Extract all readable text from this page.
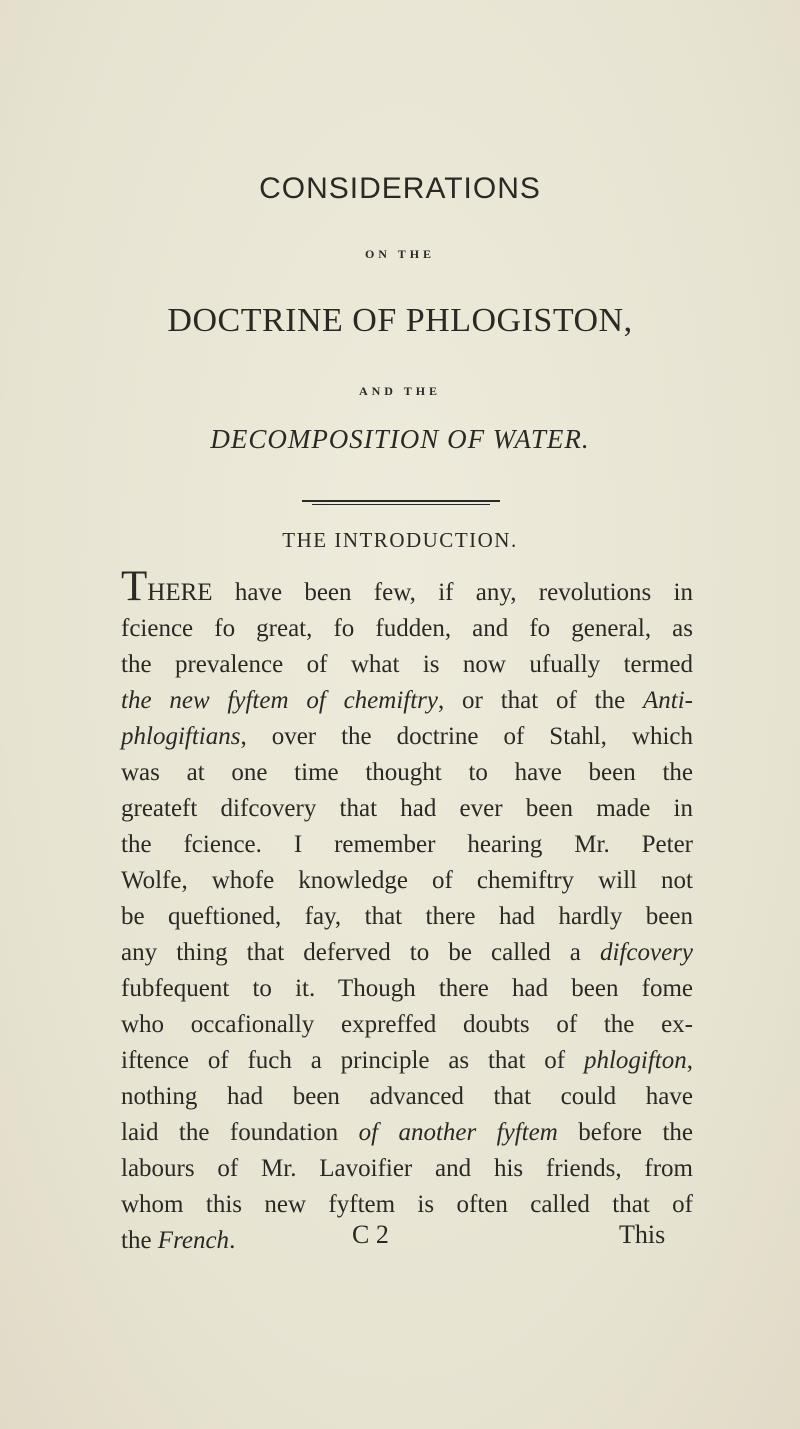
CONSIDERATIONS
ON THE
DOCTRINE OF PHLOGISTON,
AND THE
DECOMPOSITION OF WATER.
THE INTRODUCTION.
THERE have been few, if any, revolutions in
fcience fo great, fo fudden, and fo general, as
the prevalence of what is now ufually termed
the new fyftem of chemiftry, or that of the Anti-
phlogiftians, over the doctrine of Stahl, which
was at one time thought to have been the
greateft difcovery that had ever been made in
the fcience. I remember hearing Mr. Peter
Wolfe, whofe knowledge of chemiftry will not
be queftioned, fay, that there had hardly been
any thing that deferved to be called a difcovery
fubfequent to it. Though there had been fome
who occafionally expreffed doubts of the ex-
iftence of fuch a principle as that of phlogifton,
nothing had been advanced that could have
laid the foundation of another fyftem before the
labours of Mr. Lavoifier and his friends, from
whom this new fyftem is often called that of
the French.	C 2	This
